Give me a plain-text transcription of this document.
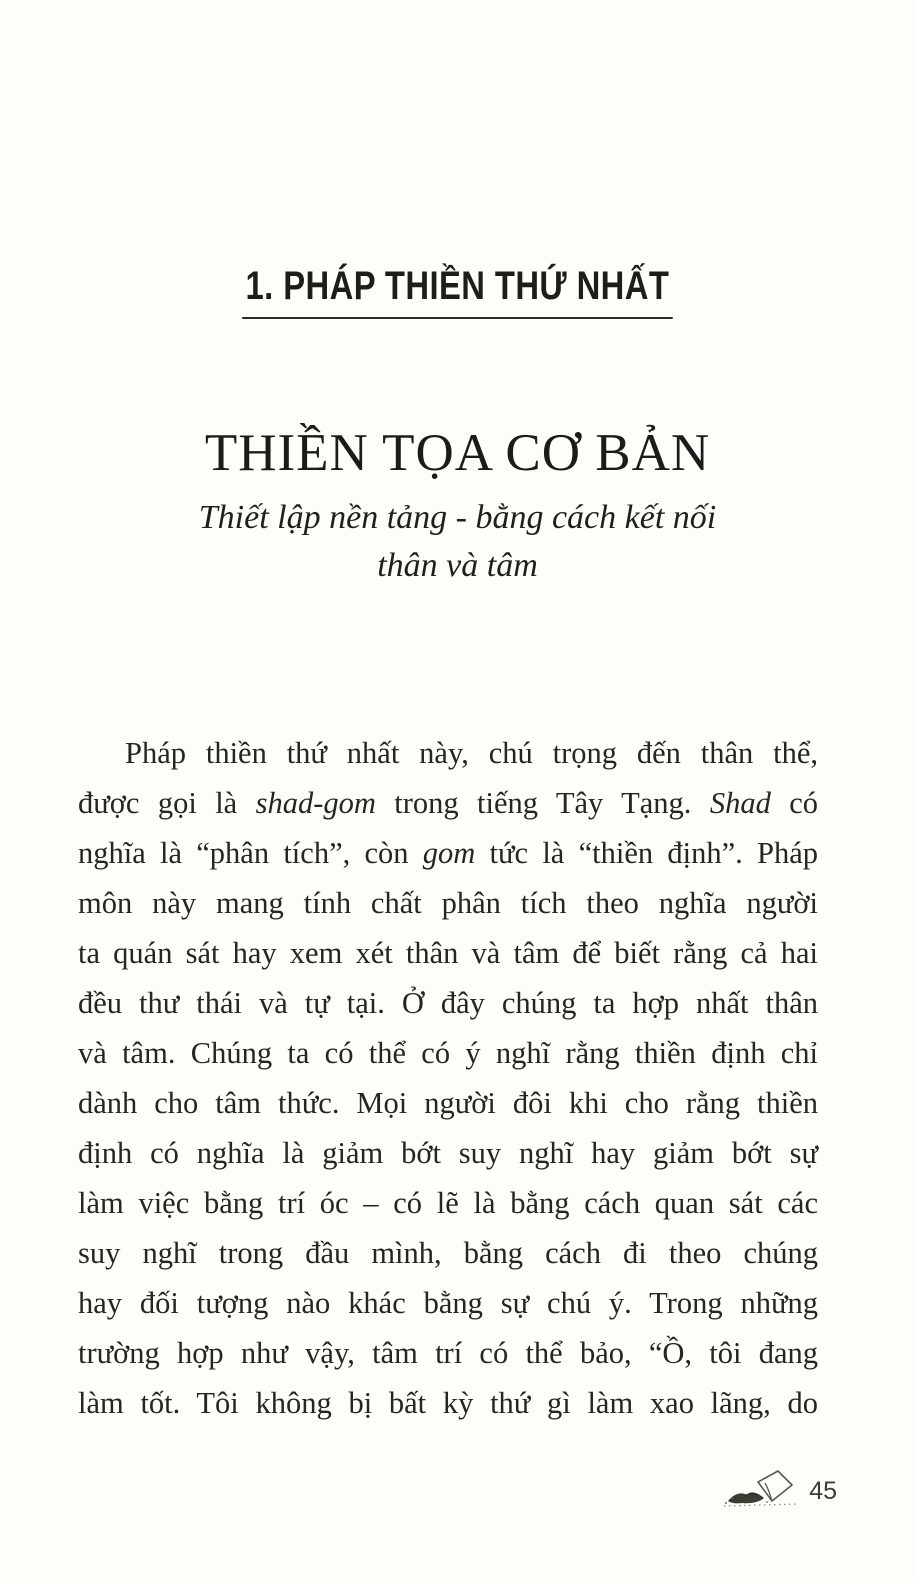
1. PHÁP THIỀN THỨ NHẤT
THIỀN TỌA CƠ BẢN
Thiết lập nền tảng - bằng cách kết nối
thân và tâm
Pháp thiền thứ nhất này, chú trọng đến thân thể,
được gọi là shad-gom trong tiếng Tây Tạng. Shad có
nghĩa là “phân tích”, còn gom tức là “thiền định”. Pháp
môn này mang tính chất phân tích theo nghĩa người
ta quán sát hay xem xét thân và tâm để biết rằng cả hai
đều thư thái và tự tại. Ở đây chúng ta hợp nhất thân
và tâm. Chúng ta có thể có ý nghĩ rằng thiền định chỉ
dành cho tâm thức. Mọi người đôi khi cho rằng thiền
định có nghĩa là giảm bớt suy nghĩ hay giảm bớt sự
làm việc bằng trí óc – có lẽ là bằng cách quan sát các
suy nghĩ trong đầu mình, bằng cách đi theo chúng
hay đối tượng nào khác bằng sự chú ý. Trong những
trường hợp như vậy, tâm trí có thể bảo, “Ồ, tôi đang
làm tốt. Tôi không bị bất kỳ thứ gì làm xao lãng, do
45
